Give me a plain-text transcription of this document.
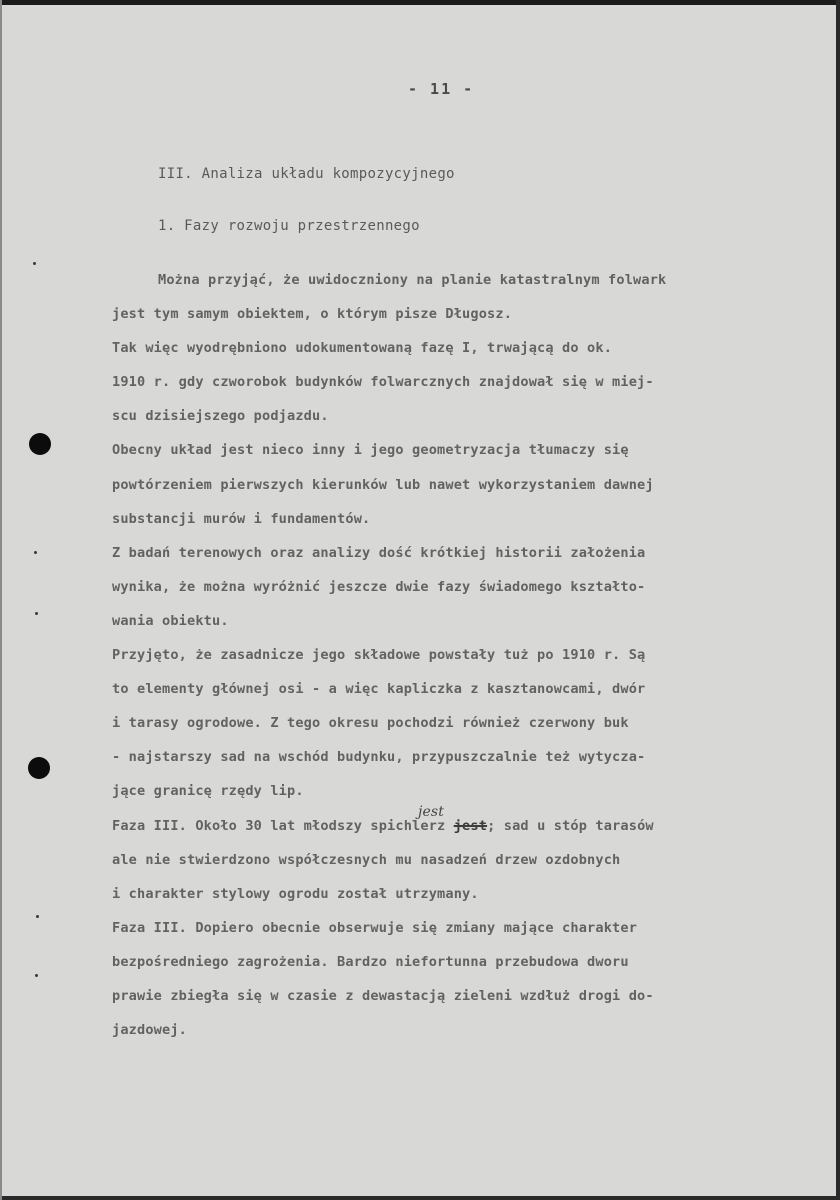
- 11 -
III. Analiza układu kompozycyjnego
1. Fazy rozwoju przestrzennego
Można przyjąć, że uwidoczniony na planie katastralnym folwark
jest tym samym obiektem, o którym pisze Długosz.
Tak więc wyodrębniono udokumentowaną fazę I, trwającą do ok.
1910 r. gdy czworobok budynków folwarcznych znajdował się w miej-
scu dzisiejszego podjazdu.
Obecny układ jest nieco inny i jego geometryzacja tłumaczy się
powtórzeniem pierwszych kierunków lub nawet wykorzystaniem dawnej
substancji murów i fundamentów.
Z badań terenowych oraz analizy dość krótkiej historii założenia
wynika, że można wyróżnić jeszcze dwie fazy świadomego kształto-
wania obiektu.
Przyjęto, że zasadnicze jego składowe powstały tuż po 1910 r. Są
to elementy głównej osi - a więc kapliczka z kasztanowcami, dwór
i tarasy ogrodowe. Z tego okresu pochodzi również czerwony buk
- najstarszy sad na wschód budynku, przypuszczalnie też wytycza-
jące granicę rzędy lip.
Faza III. Około 30 lat młodszy
jest
spichlerz jest; sad u stóp tarasów
ale nie stwierdzono współczesnych mu nasadzeń drzew ozdobnych
i charakter stylowy ogrodu został utrzymany.
Faza III. Dopiero obecnie obserwuje się zmiany mające charakter
bezpośredniego zagrożenia. Bardzo niefortunna przebudowa dworu
prawie zbiegła się w czasie z dewastacją zieleni wzdłuż drogi do-
jazdowej.
